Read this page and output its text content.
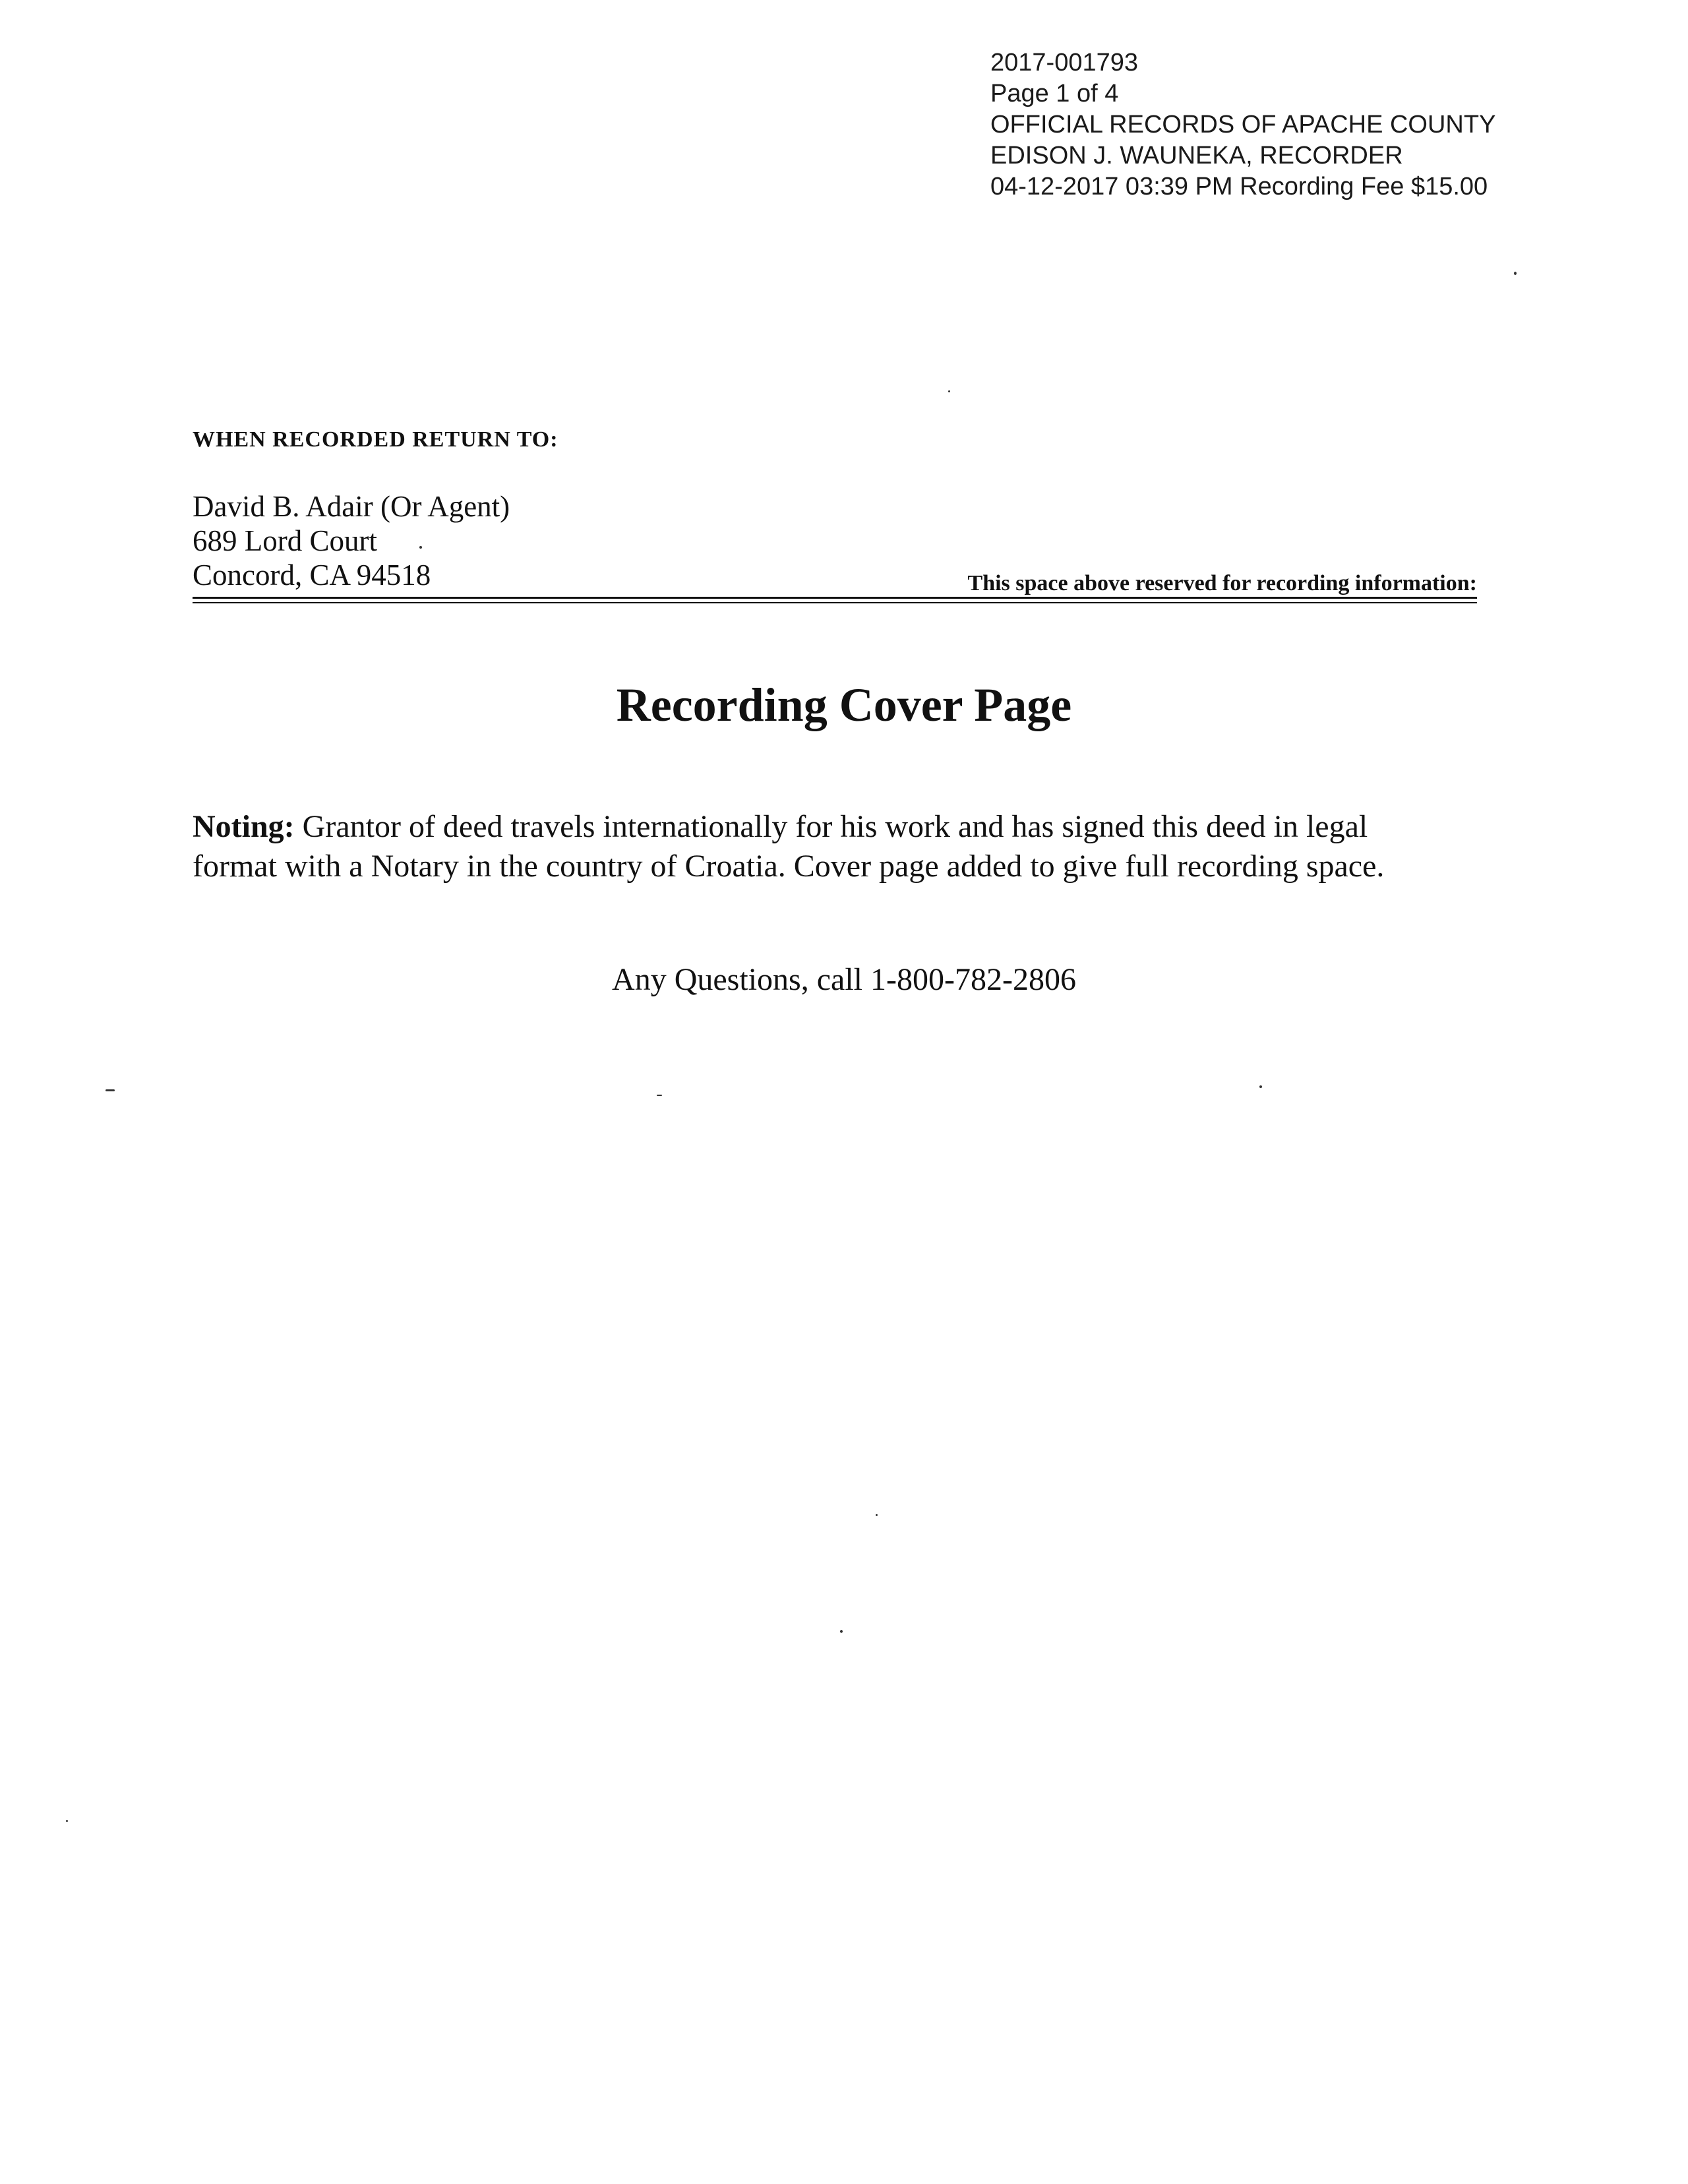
2017-001793
Page 1 of 4
OFFICIAL RECORDS OF APACHE COUNTY
EDISON J. WAUNEKA, RECORDER
04-12-2017 03:39 PM Recording Fee $15.00
WHEN RECORDED RETURN TO:
David B. Adair (Or Agent)
689 Lord Court
Concord, CA 94518	This space above reserved for recording information:
Recording Cover Page
Noting: Grantor of deed travels internationally for his work and has signed this deed in legal
format with a Notary in the country of Croatia. Cover page added to give full recording space.
Any Questions, call 1-800-782-2806
